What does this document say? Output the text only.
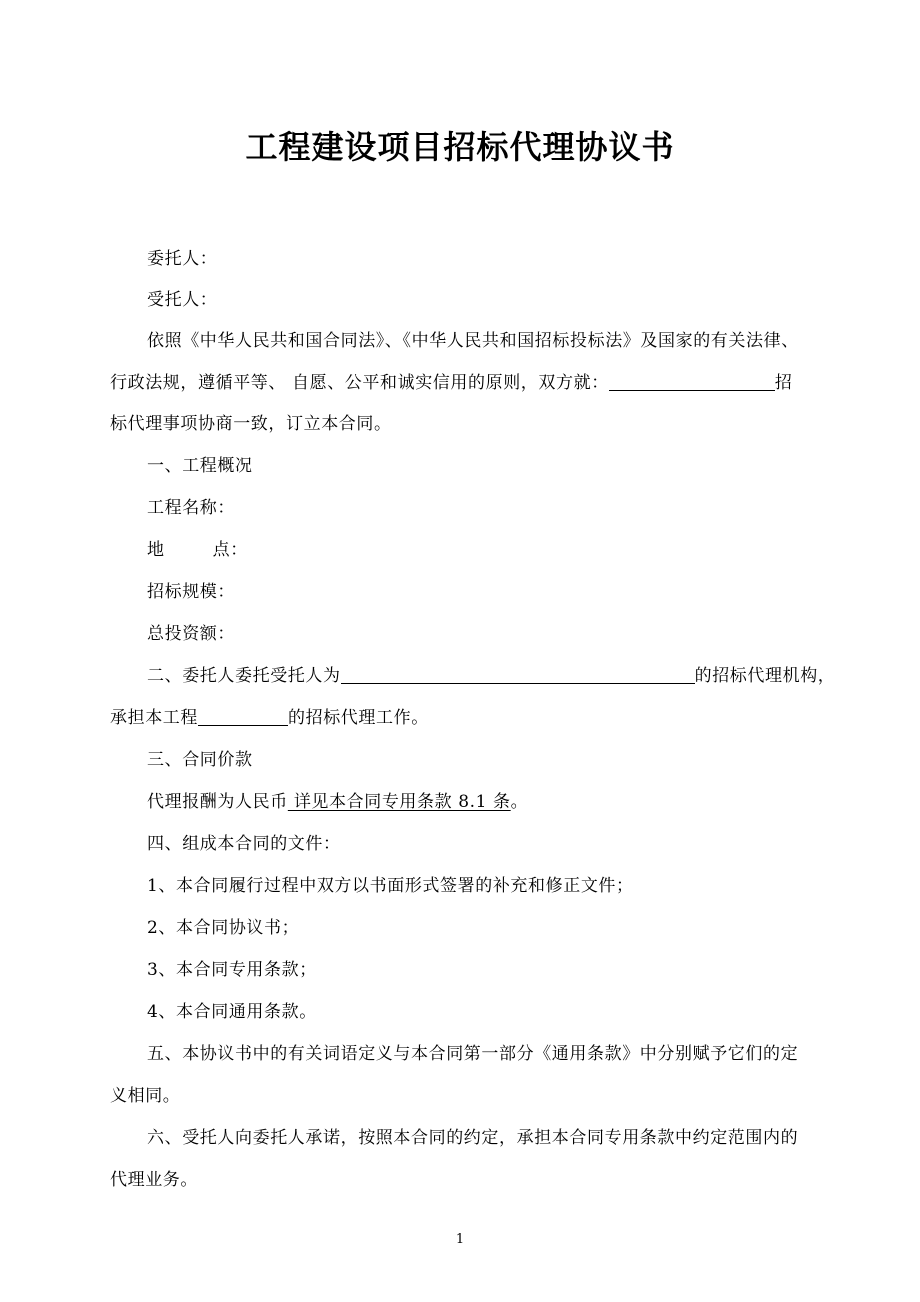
工程建设项目招标代理协议书
委托人：
受托人：
依照《中华人民共和国合同法》、《中华人民共和国招标投标法》及国家的有关法律、
行政法规，遵循平等、 自愿、公平和诚实信用的原则，双方就：	招
标代理事项协商一致，订立本合同。
一、工程概况
工程名称：
地        点：
招标规模：
总投资额：
二、委托人委托受托人为	的招标代理机构，
承担本工程	的招标代理工作。
三、合同价款
代理报酬为人民币 详见本合同专用条款 8.1 条。
四、组成本合同的文件：
1、本合同履行过程中双方以书面形式签署的补充和修正文件；
2、本合同协议书；
3、本合同专用条款；
4、本合同通用条款。
五、本协议书中的有关词语定义与本合同第一部分《通用条款》中分别赋予它们的定
义相同。
六、受托人向委托人承诺，按照本合同的约定，承担本合同专用条款中约定范围内的
代理业务。
1
